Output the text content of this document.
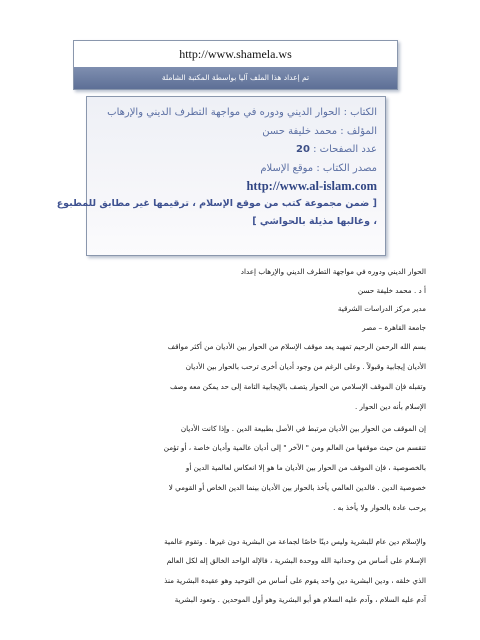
http://www.shamela.ws
تم إعداد هذا الملف آليا بواسطة المكتبة الشاملة
الكتاب : الحوار الديني ودوره في مواجهة التطرف الديني والإرهاب
المؤلف : محمد خليفة حسن
عدد الصفحات : 20
مصدر الكتاب : موقع الإسلام
http://www.al-islam.com
[ ضمن مجموعة كتب من موقع الإسلام ، ترقيمها غير مطابق للمطبوع
، وغالبها مذيلة بالحواشي ]

الحوار الديني ودوره في مواجهة التطرف الديني والإرهاب إعداد

أ د . محمد خليفة حسن

مدير مركز الدراسات الشرقية

جامعة القاهرة – مصر

بسم الله الرحمن الرحيم تمهيد يعد موقف الإسلام من الحوار بين الأديان من أكثر مواقف

الأديان إيجابية وقبولاً . وعلى الرغم من وجود أديان أخرى ترحب بالحوار بين الأديان

وتقبله فإن الموقف الإسلامي من الحوار يتصف بالإيجابية التامة إلى حد يمكن معه وصف

الإسلام بأنه دين الحوار .

إن الموقف من الحوار بين الأديان مرتبط في الأصل بطبيعة الدين . وإذا كانت الأديان

تنقسم من حيث موقفها من العالم ومن " الآخر " إلى أديان عالمية وأديان خاصة ، أو تؤمن

بالخصوصية ، فإن الموقف من الحوار بين الأديان ما هو إلا انعكاس لعالمية الدين أو

خصوصية الدين . فالدين العالمي يأخذ بالحوار بين الأديان بينما الدين الخاص أو القومي لا

يرحب عادة بالحوار ولا يأخذ به .

والإسلام دين عام للبشرية وليس دينًا خاصًا لجماعة من البشرية دون غيرها . وتقوم عالمية

الإسلام على أساس من وحدانية الله ووحدة البشرية ، فالإله الواحد الخالق إله لكل العالم

الذي خلقه ، ودين البشرية دين واحد يقوم على أساس من التوحيد وهو عقيدة البشرية منذ

آدم عليه السلام ، وآدم عليه السلام هو أبو البشرية وهو أول الموحدين . وتعود البشرية
